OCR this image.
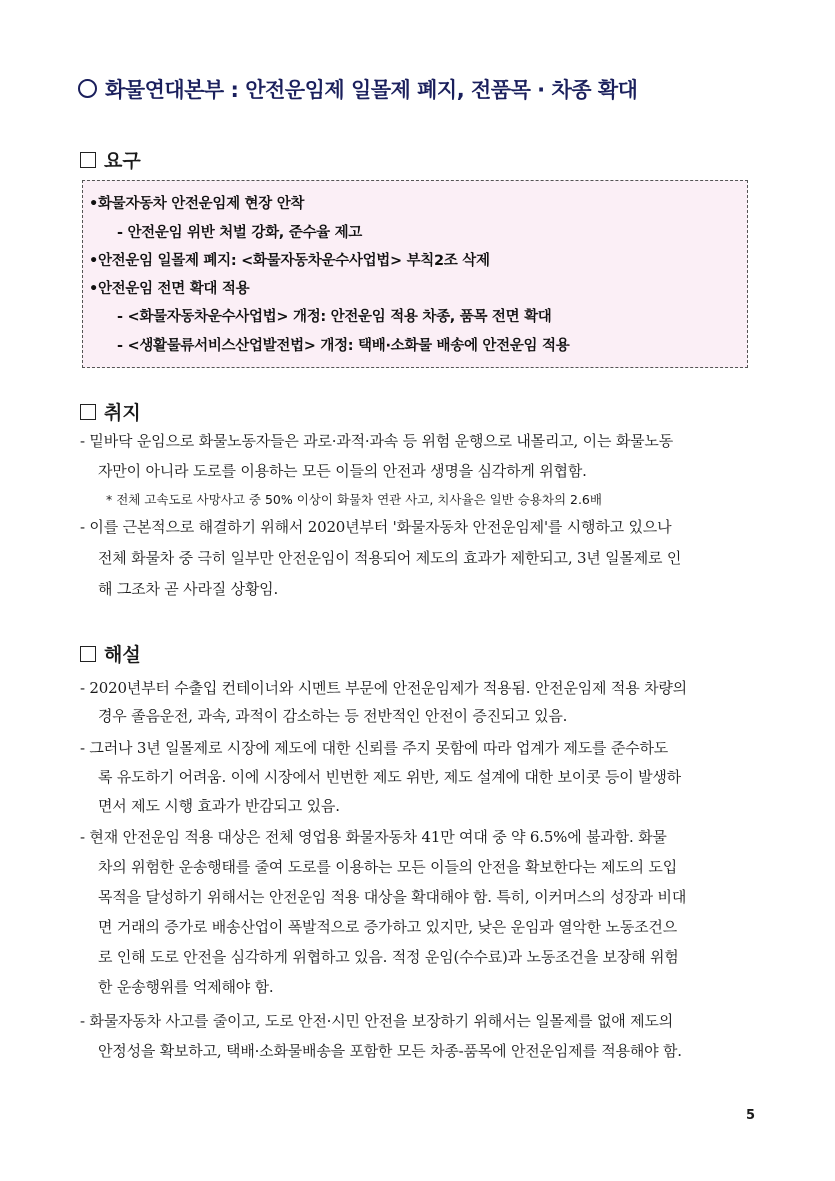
화물연대본부 : 안전운임제 일몰제 폐지, 전품목 · 차종 확대
요구
•화물자동차 안전운임제 현장 안착
- 안전운임 위반 처벌 강화, 준수율 제고
•안전운임 일몰제 폐지: <화물자동차운수사업법> 부칙2조 삭제
•안전운임 전면 확대 적용
- <화물자동차운수사업법> 개정: 안전운임 적용 차종, 품목 전면 확대
- <생활물류서비스산업발전법> 개정: 택배·소화물 배송에 안전운임 적용
취지
- 밑바닥 운임으로 화물노동자들은 과로·과적·과속 등 위험 운행으로 내몰리고, 이는 화물노동
자만이 아니라 도로를 이용하는 모든 이들의 안전과 생명을 심각하게 위협함.
* 전체 고속도로 사망사고 중 50% 이상이 화물차 연관 사고, 치사율은 일반 승용차의 2.6배
- 이를 근본적으로 해결하기 위해서 2020년부터 '화물자동차 안전운임제'를 시행하고 있으나
전체 화물차 중 극히 일부만 안전운임이 적용되어 제도의 효과가 제한되고, 3년 일몰제로 인
해 그조차 곧 사라질 상황임.
해설
- 2020년부터 수출입 컨테이너와 시멘트 부문에 안전운임제가 적용됨. 안전운임제 적용 차량의
경우 졸음운전, 과속, 과적이 감소하는 등 전반적인 안전이 증진되고 있음.
- 그러나 3년 일몰제로 시장에 제도에 대한 신뢰를 주지 못함에 따라 업계가 제도를 준수하도
록 유도하기 어려움. 이에 시장에서 빈번한 제도 위반, 제도 설계에 대한 보이콧 등이 발생하
면서 제도 시행 효과가 반감되고 있음.
- 현재 안전운임 적용 대상은 전체 영업용 화물자동차 41만 여대 중 약 6.5%에 불과함. 화물
차의 위험한 운송행태를 줄여 도로를 이용하는 모든 이들의 안전을 확보한다는 제도의 도입
목적을 달성하기 위해서는 안전운임 적용 대상을 확대해야 함. 특히, 이커머스의 성장과 비대
면 거래의 증가로 배송산업이 폭발적으로 증가하고 있지만, 낮은 운임과 열악한 노동조건으
로 인해 도로 안전을 심각하게 위협하고 있음. 적정 운임(수수료)과 노동조건을 보장해 위험
한 운송행위를 억제해야 함.
- 화물자동차 사고를 줄이고, 도로 안전·시민 안전을 보장하기 위해서는 일몰제를 없애 제도의
안정성을 확보하고, 택배·소화물배송을 포함한 모든 차종-품목에 안전운임제를 적용해야 함.
5
